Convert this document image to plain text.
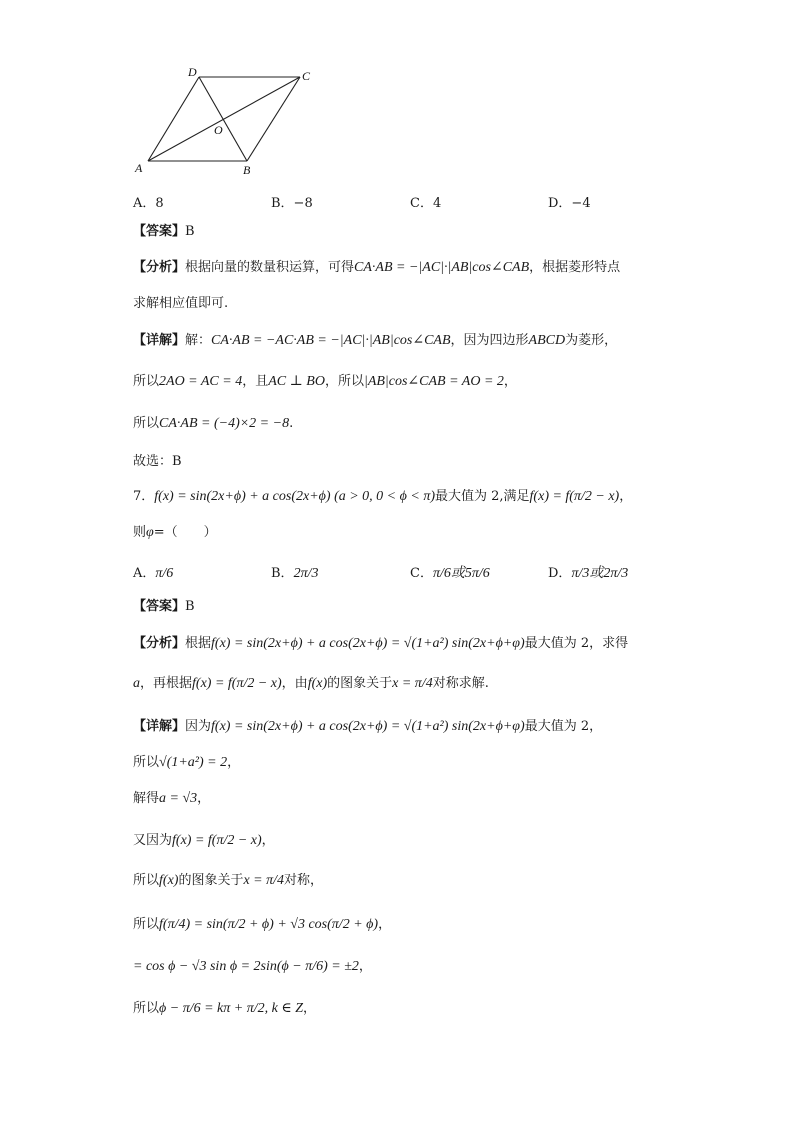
D	C
O
A	B
A．8	B．−8	C．4	D．−4
【答案】B
【分析】根据向量的数量积运算，可得CA·AB = −|AC|·|AB|cos∠CAB，根据菱形特点
求解相应值即可.
【详解】解：CA·AB = −AC·AB = −|AC|·|AB|cos∠CAB，因为四边形ABCD为菱形，
所以2AO = AC = 4，且AC ⊥ BO，所以|AB|cos∠CAB = AO = 2，
所以CA·AB = (−4)×2 = −8.
故选：B
7．f(x) = sin(2x+ϕ) + a cos(2x+ϕ) (a > 0, 0 < ϕ < π)最大值为 2,满足f(x) = f(π/2 − x)，
则φ=（　　）
A．π/6	B．2π/3	C．π/6或5π/6	D．π/3或2π/3
【答案】B
【分析】根据f(x) = sin(2x+ϕ) + a cos(2x+ϕ) = √(1+a²) sin(2x+ϕ+φ)最大值为 2，求得
a，再根据f(x) = f(π/2 − x)，由f(x)的图象关于x = π/4对称求解.
【详解】因为f(x) = sin(2x+ϕ) + a cos(2x+ϕ) = √(1+a²) sin(2x+ϕ+φ)最大值为 2，
所以√(1+a²) = 2，
解得a = √3，
又因为f(x) = f(π/2 − x)，
所以f(x)的图象关于x = π/4对称，
所以f(π/4) = sin(π/2 + ϕ) + √3 cos(π/2 + ϕ)，
= cos ϕ − √3 sin ϕ = 2sin(ϕ − π/6) = ±2，
所以ϕ − π/6 = kπ + π/2, k ∈ Z，
